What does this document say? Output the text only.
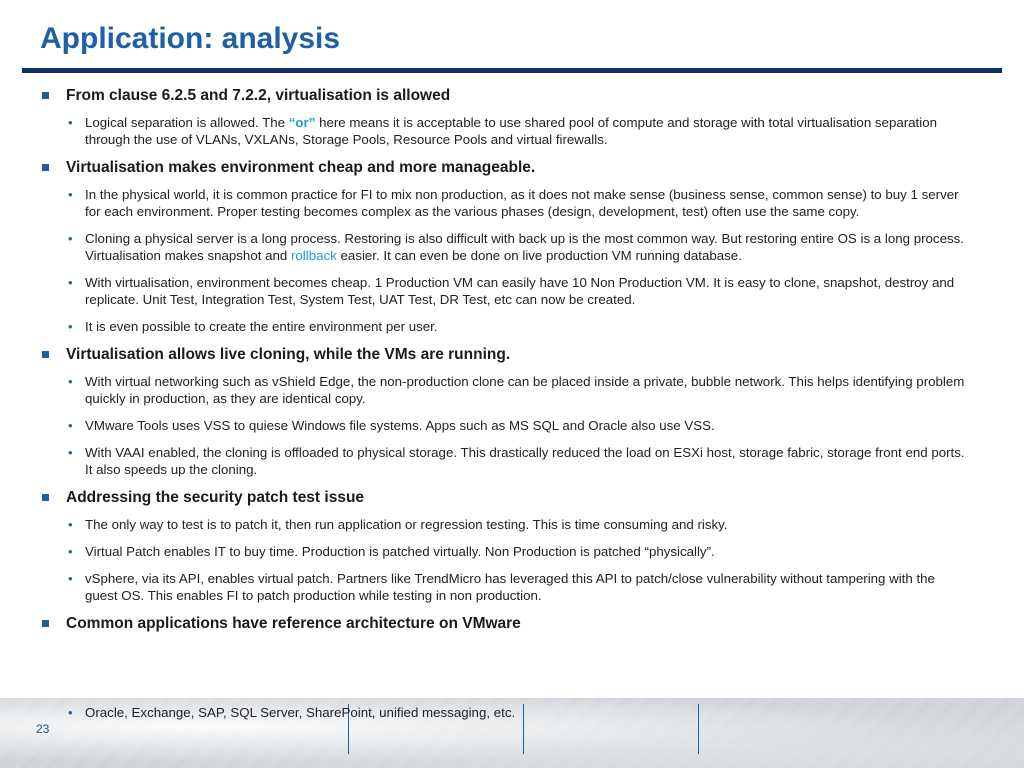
Application: analysis
From clause 6.2.5 and 7.2.2, virtualisation is allowed
• Logical separation is allowed. The “or” here means it is acceptable to use shared pool of compute and storage with total virtualisation separation through the use of VLANs, VXLANs, Storage Pools, Resource Pools and virtual firewalls.
Virtualisation makes environment cheap and more manageable.
• In the physical world, it is common practice for FI to mix non production, as it does not make sense (business sense, common sense) to buy 1 server for each environment. Proper testing becomes complex as the various phases (design, development, test) often use the same copy.
• Cloning a physical server is a long process. Restoring is also difficult with back up is the most common way. But restoring entire OS is a long process. Virtualisation makes snapshot and rollback easier. It can even be done on live production VM running database.
• With virtualisation, environment becomes cheap. 1 Production VM can easily have 10 Non Production VM. It is easy to clone, snapshot, destroy and replicate. Unit Test, Integration Test, System Test, UAT Test, DR Test, etc can now be created.
• It is even possible to create the entire environment per user.
Virtualisation allows live cloning, while the VMs are running.
• With virtual networking such as vShield Edge, the non-production clone can be placed inside a private, bubble network. This helps identifying problem quickly in production, as they are identical copy.
• VMware Tools uses VSS to quiese Windows file systems. Apps such as MS SQL and Oracle also use VSS.
• With VAAI enabled, the cloning is offloaded to physical storage. This drastically reduced the load on ESXi host, storage fabric, storage front end ports. It also speeds up the cloning.
Addressing the security patch test issue
• The only way to test is to patch it, then run application or regression testing. This is time consuming and risky.
• Virtual Patch enables IT to buy time. Production is patched virtually. Non Production is patched “physically”.
• vSphere, via its API, enables virtual patch. Partners like TrendMicro has leveraged this API to patch/close vulnerability without tampering with the guest OS. This enables FI to patch production while testing in non production.
Common applications have reference architecture on VMware
23
• Oracle, Exchange, SAP, SQL Server, SharePoint, unified messaging, etc.
